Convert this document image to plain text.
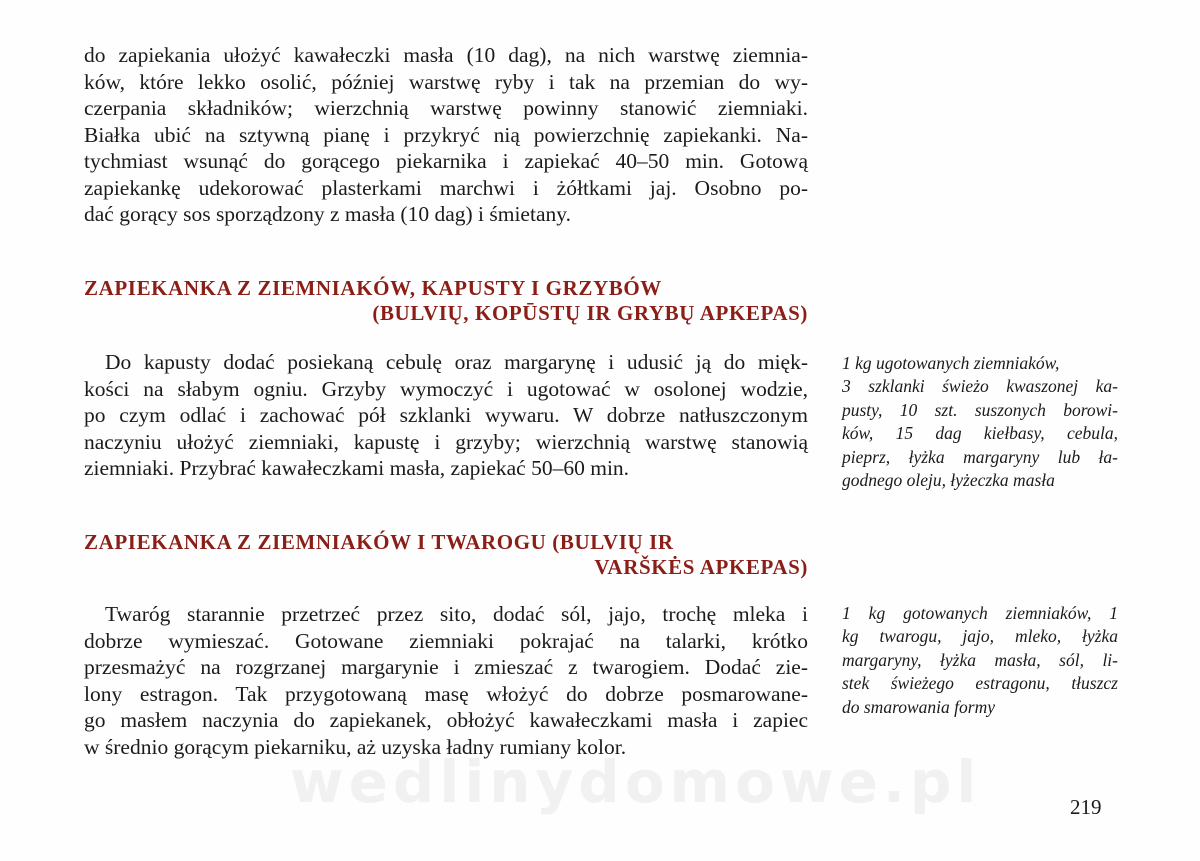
do zapiekania ułożyć kawałeczki masła (10 dag), na nich warstwę ziemnia-
ków, które lekko osolić, później warstwę ryby i tak na przemian do wy-
czerpania składników; wierzchnią warstwę powinny stanowić ziemniaki.
Białka ubić na sztywną pianę i przykryć nią powierzchnię zapiekanki. Na-
tychmiast wsunąć do gorącego piekarnika i zapiekać 40–50 min. Gotową
zapiekankę udekorować plasterkami marchwi i żółtkami jaj. Osobno po-
dać gorący sos sporządzony z masła (10 dag) i śmietany.
ZAPIEKANKA Z ZIEMNIAKÓW, KAPUSTY I GRZYBÓW
(BULVIŲ, KOPŪSTŲ IR GRYBŲ APKEPAS)
Do kapusty dodać posiekaną cebulę oraz margarynę i udusić ją do mięk-
kości na słabym ogniu. Grzyby wymoczyć i ugotować w osolonej wodzie,
po czym odlać i zachować pół szklanki wywaru. W dobrze natłuszczonym
naczyniu ułożyć ziemniaki, kapustę i grzyby; wierzchnią warstwę stanowią
ziemniaki. Przybrać kawałeczkami masła, zapiekać 50–60 min.
1 kg ugotowanych ziemniaków,
3 szklanki świeżo kwaszonej ka-
pusty, 10 szt. suszonych borowi-
ków, 15 dag kiełbasy, cebula,
pieprz, łyżka margaryny lub ła-
godnego oleju, łyżeczka masła
ZAPIEKANKA Z ZIEMNIAKÓW I TWAROGU (BULVIŲ IR
VARŠKĖS APKEPAS)
Twaróg starannie przetrzeć przez sito, dodać sól, jajo, trochę mleka i
dobrze wymieszać. Gotowane ziemniaki pokrajać na talarki, krótko
przesmażyć na rozgrzanej margarynie i zmieszać z twarogiem. Dodać zie-
lony estragon. Tak przygotowaną masę włożyć do dobrze posmarowane-
go masłem naczynia do zapiekanek, obłożyć kawałeczkami masła i zapiec
w średnio gorącym piekarniku, aż uzyska ładny rumiany kolor.
1 kg gotowanych ziemniaków, 1
kg twarogu, jajo, mleko, łyżka
margaryny, łyżka masła, sól, li-
stek świeżego estragonu, tłuszcz
do smarowania formy
wedlinydomowe.pl	219
